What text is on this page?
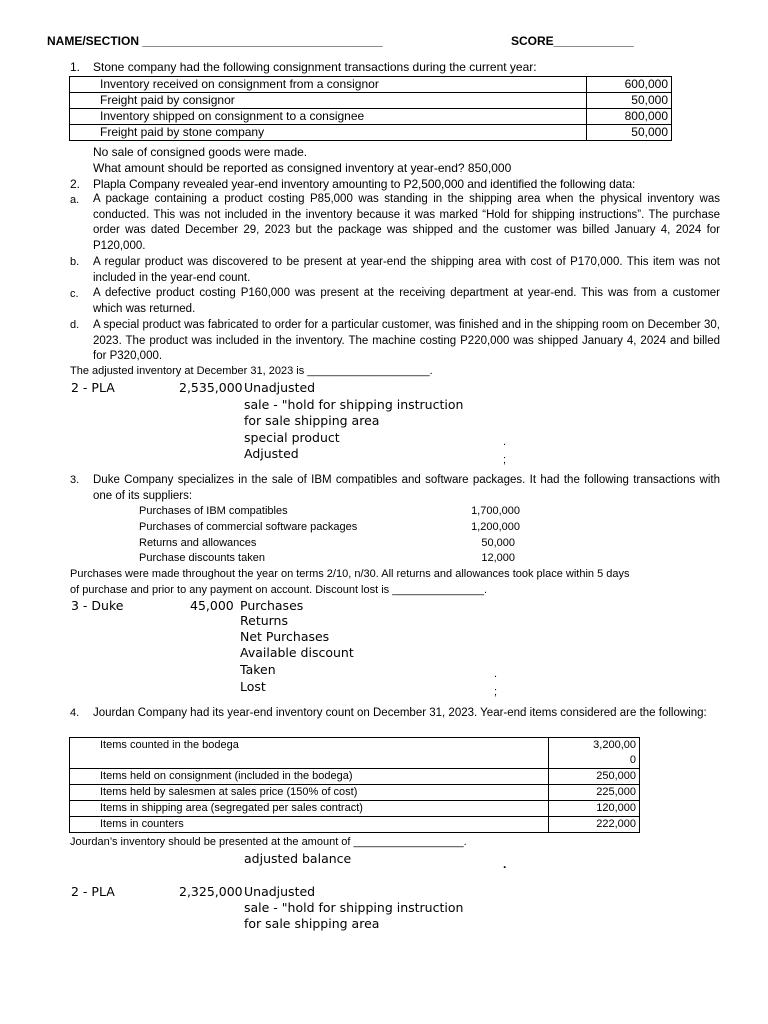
NAME/SECTION ____________________________________	SCORE____________
1. Stone company had the following consignment transactions during the current year:
Inventory received on consignment from a consignor	600,000
Freight paid by consignor	50,000
Inventory shipped on consignment to a consignee	800,000
Freight paid by stone company	50,000
No sale of consigned goods were made.
What amount should be reported as consigned inventory at year-end? 850,000
2. Plapla Company revealed year-end inventory amounting to P2,500,000 and identified the following data:
a. A package containing a product costing P85,000 was standing in the shipping area when the physical inventory was conducted. This was not included in the inventory because it was marked “Hold for shipping instructions”. The purchase order was dated December 29, 2023 but the package was shipped and the customer was billed January 4, 2024 for P120,000.
b. A regular product was discovered to be present at year-end the shipping area with cost of P170,000. This item was not included in the year-end count.
c. A defective product costing P160,000 was present at the receiving department at year-end. This was from a customer which was returned.
d. A special product was fabricated to order for a particular customer, was finished and in the shipping room on December 30, 2023. The product was included in the inventory. The machine costing P220,000 was shipped January 4, 2024 and billed for P320,000.
The adjusted inventory at December 31, 2023 is ____________________.
2 - PLA	2,535,000 Unadjusted
sale - "hold for shipping instruction
for sale shipping area
special product
Adjusted
.
;
3. Duke Company specializes in the sale of IBM compatibles and software packages. It had the following transactions with one of its suppliers:
Purchases of IBM compatibles	1,700,000
Purchases of commercial software packages	1,200,000
Returns and allowances	50,000
Purchase discounts taken	12,000
Purchases were made throughout the year on terms 2/10, n/30. All returns and allowances took place within 5 days
of purchase and prior to any payment on account. Discount lost is _______________.
3 - Duke	45,000 Purchases
Returns
Net Purchases
Available discount
Taken
Lost
.
;
4. Jourdan Company had its year-end inventory count on December 31, 2023. Year-end items considered are the following:
Items counted in the bodega	3,200,00
0

Items held on consignment (included in the bodega)	250,000
Items held by salesmen at sales price (150% of cost)	225,000
Items in shipping area (segregated per sales contract)	120,000
Items in counters	222,000
Jourdan’s inventory should be presented at the amount of __________________.
adjusted balance	.
2 - PLA	2,325,000 Unadjusted
sale - "hold for shipping instruction
for sale shipping area
